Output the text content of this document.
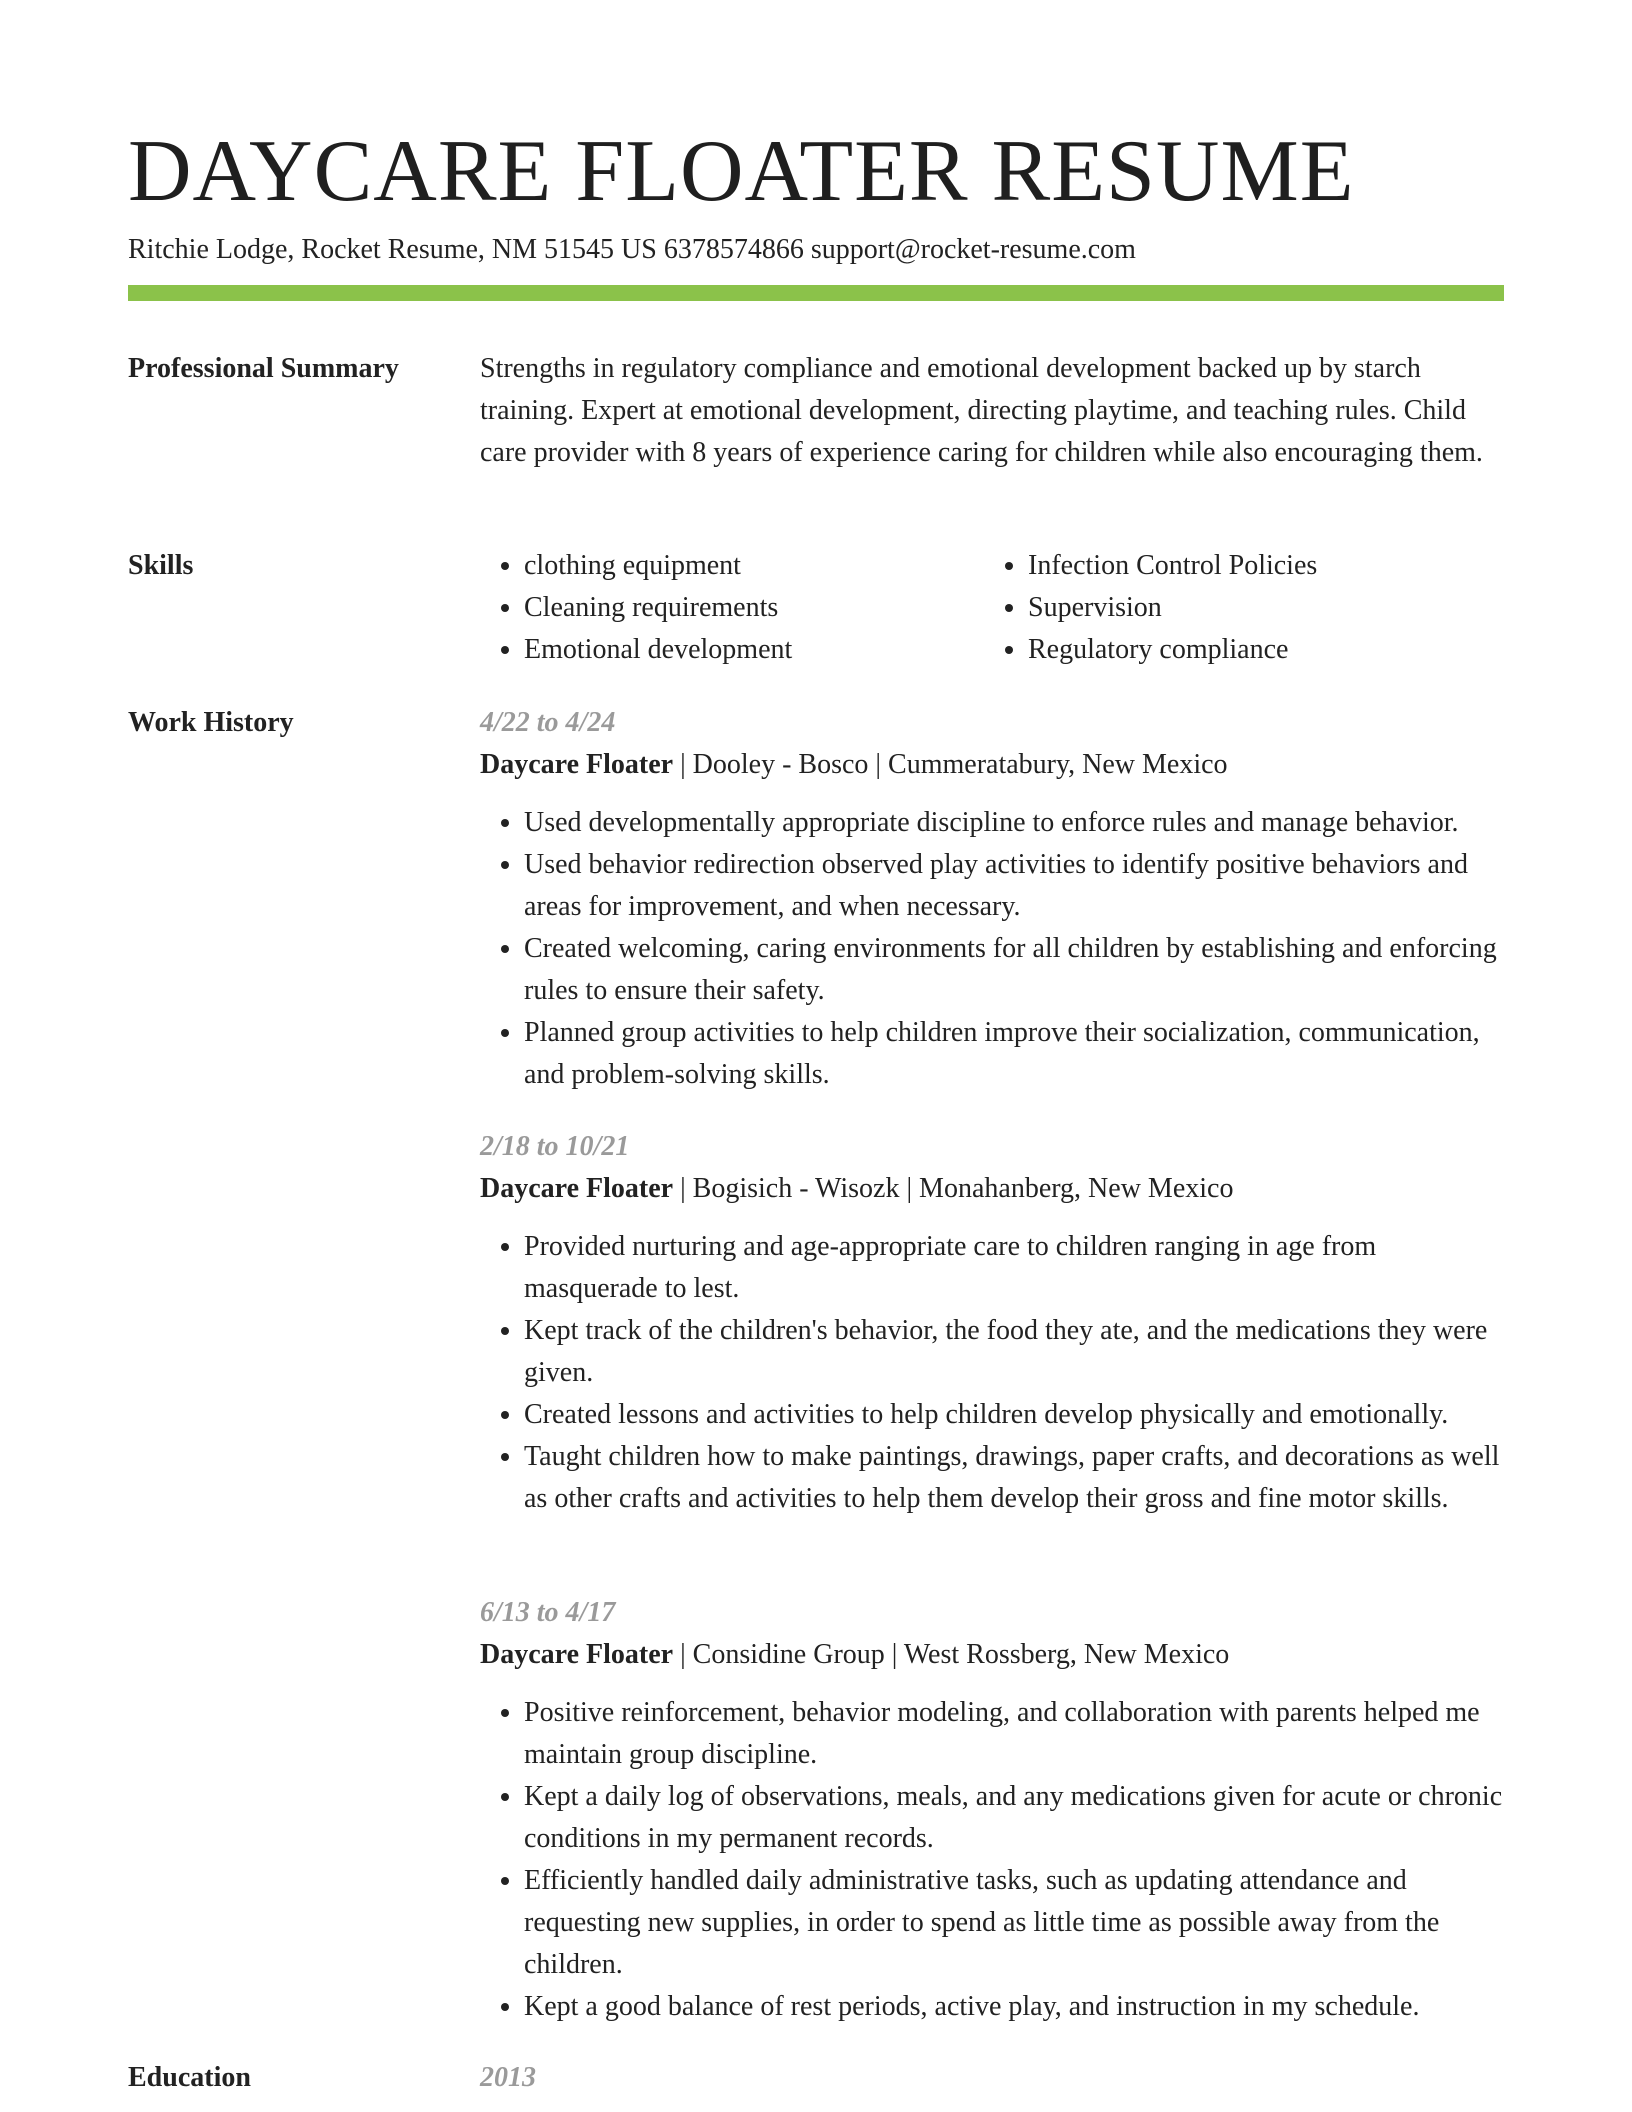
DAYCARE FLOATER RESUME
Ritchie Lodge, Rocket Resume, NM 51545 US 6378574866 support@rocket-resume.com
Professional Summary	Strengths in regulatory compliance and emotional development backed up by starch training. Expert at emotional development, directing playtime, and teaching rules. Child care provider with 8 years of experience caring for children while also encouraging them.

Skills
•	clothing equipment
• Cleaning requirements
• Emotional development
• Infection Control Policies
• Supervision
• Regulatory compliance
Work History	4/22 to 4/24
Daycare Floater | Dooley - Bosco | Cummeratabury, New Mexico
• Used developmentally appropriate discipline to enforce rules and manage behavior.
• Used behavior redirection observed play activities to identify positive behaviors and areas for improvement, and when necessary.
• Created welcoming, caring environments for all children by establishing and enforcing rules to ensure their safety.
• Planned group activities to help children improve their socialization, communication, and problem-solving skills.
2/18 to 10/21
Daycare Floater | Bogisich - Wisozk | Monahanberg, New Mexico
• Provided nurturing and age-appropriate care to children ranging in age from masquerade to lest.
• Kept track of the children's behavior, the food they ate, and the medications they were given.
• Created lessons and activities to help children develop physically and emotionally.
• Taught children how to make paintings, drawings, paper crafts, and decorations as well as other crafts and activities to help them develop their gross and fine motor skills.
6/13 to 4/17
Daycare Floater | Considine Group | West Rossberg, New Mexico
• Positive reinforcement, behavior modeling, and collaboration with parents helped me maintain group discipline.
• Kept a daily log of observations, meals, and any medications given for acute or chronic conditions in my permanent records.
• Efficiently handled daily administrative tasks, such as updating attendance and requesting new supplies, in order to spend as little time as possible away from the children.
• Kept a good balance of rest periods, active play, and instruction in my schedule.
Education	2013
